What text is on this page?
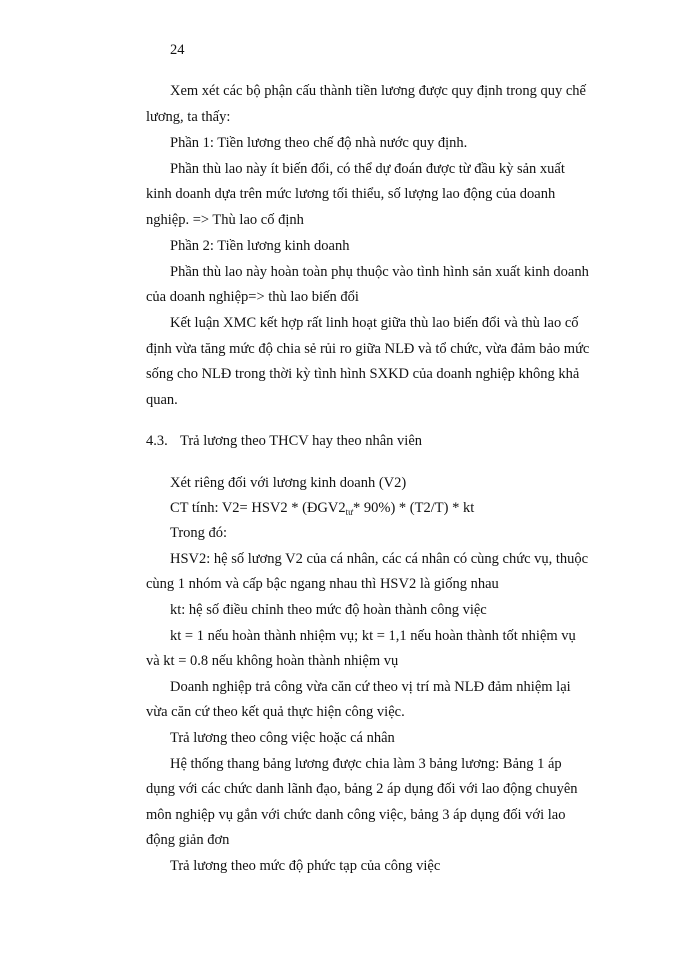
24
Xem xét các bộ phận cấu thành tiền lương được quy định trong quy chế
lương, ta thấy:
Phần 1: Tiền lương theo chế độ nhà nước quy định.
Phần thù lao này ít biến đổi, có thể dự đoán được từ đầu kỳ sản xuất
kinh doanh dựa trên mức lương tối thiểu, số lượng lao động của doanh
nghiệp. => Thù lao cố định
Phần 2: Tiền lương kinh doanh
Phần thù lao này hoàn toàn phụ thuộc vào tình hình sản xuất kinh doanh
của doanh nghiệp=> thù lao biến đổi
Kết luận XMC kết hợp rất linh hoạt giữa thù lao biến đổi và thù lao cố
định vừa tăng mức độ chia sẻ rủi ro giữa NLĐ và tổ chức, vừa đảm bảo mức
sống cho NLĐ trong thời kỳ tình hình SXKD của doanh nghiệp không khả
quan.
4.3. Trả lương theo THCV hay theo nhân viên
Xét riêng đối với lương kinh doanh (V2)
CT tính: $V2= HSV2 * (ĐGV2_{tư}*$ 90%) * (T2/T) * kt
Trong đó:
HSV2: hệ số lương V2 của cá nhân, các cá nhân có cùng chức vụ, thuộc
cùng 1 nhóm và cấp bậc ngang nhau thì HSV2 là giống nhau
kt: hệ số điều chỉnh theo mức độ hoàn thành công việc
kt = 1 nếu hoàn thành nhiệm vụ; kt = 1,1 nếu hoàn thành tốt nhiệm vụ
và kt = 0.8 nếu không hoàn thành nhiệm vụ
Doanh nghiệp trả công vừa căn cứ theo vị trí mà NLĐ đảm nhiệm lại
vừa căn cứ theo kết quả thực hiện công việc.
Trả lương theo công việc hoặc cá nhân
Hệ thống thang bảng lương được chia làm 3 bảng lương: Bảng 1 áp
dụng với các chức danh lãnh đạo, bảng 2 áp dụng đối với lao động chuyên
môn nghiệp vụ gắn với chức danh công việc, bảng 3 áp dụng đối với lao
động giản đơn
Trả lương theo mức độ phức tạp của công việc
